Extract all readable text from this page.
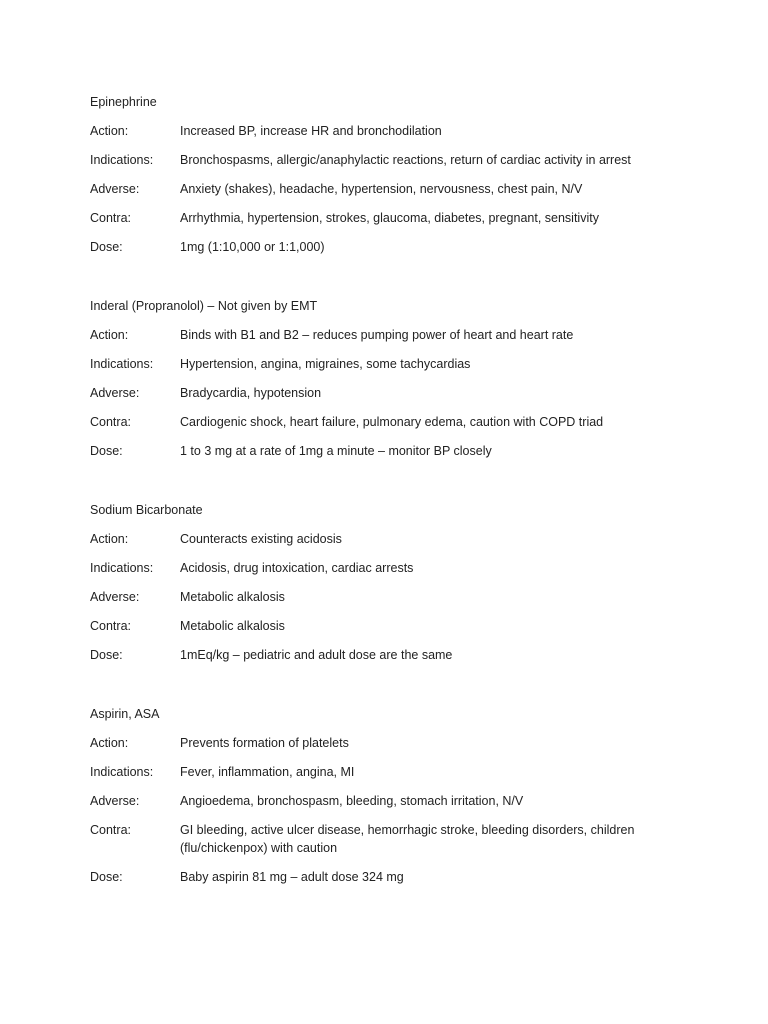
Epinephrine
Action:	Increased BP, increase HR and bronchodilation
Indications:	Bronchospasms, allergic/anaphylactic reactions, return of cardiac activity in arrest
Adverse:	Anxiety (shakes), headache, hypertension, nervousness, chest pain, N/V
Contra:	Arrhythmia, hypertension, strokes, glaucoma, diabetes, pregnant, sensitivity
Dose:	1mg (1:10,000 or 1:1,000)
Inderal (Propranolol) – Not given by EMT
Action:	Binds with B1 and B2 – reduces pumping power of heart and heart rate
Indications:	Hypertension, angina, migraines, some tachycardias
Adverse:	Bradycardia, hypotension
Contra:	Cardiogenic shock, heart failure, pulmonary edema, caution with COPD triad
Dose:	1 to 3 mg at a rate of 1mg a minute – monitor BP closely
Sodium Bicarbonate
Action:	Counteracts existing acidosis
Indications:	Acidosis, drug intoxication, cardiac arrests
Adverse:	Metabolic alkalosis
Contra:	Metabolic alkalosis
Dose:	1mEq/kg – pediatric and adult dose are the same
Aspirin, ASA
Action:	Prevents formation of platelets
Indications:	Fever, inflammation, angina, MI
Adverse:	Angioedema, bronchospasm, bleeding, stomach irritation, N/V
Contra:	GI bleeding, active ulcer disease, hemorrhagic stroke, bleeding disorders, children (flu/chickenpox) with caution
Dose:	Baby aspirin 81 mg – adult dose 324 mg
